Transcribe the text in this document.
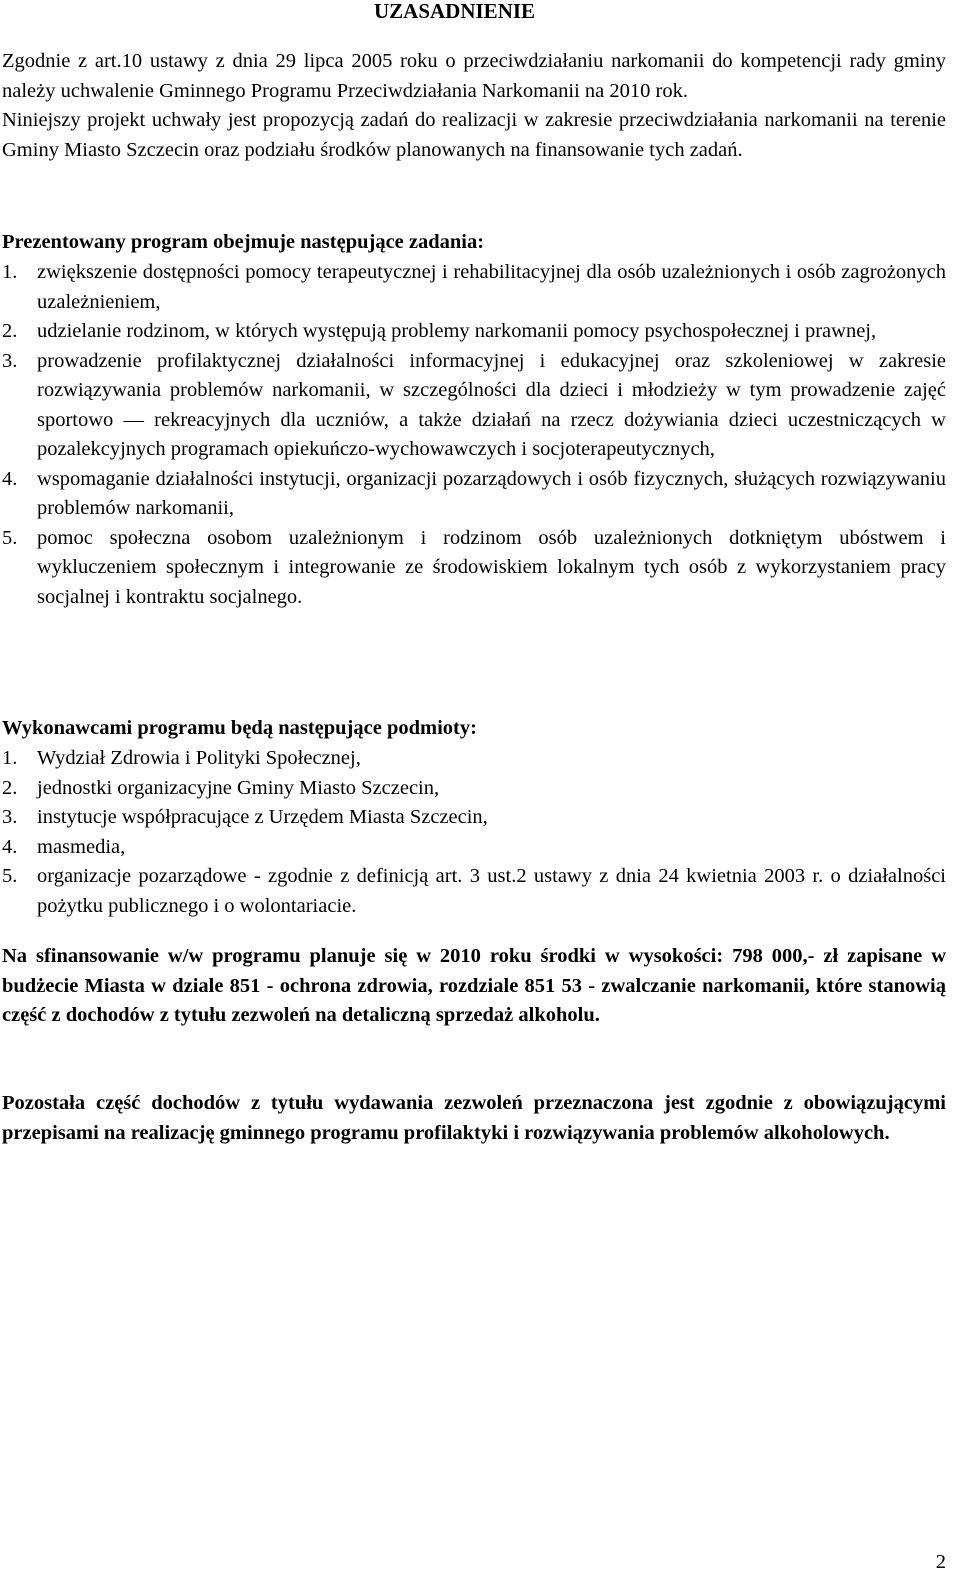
UZASADNIENIE

Zgodnie z art.10 ustawy z dnia 29 lipca 2005 roku o przeciwdziałaniu narkomanii do kompetencji rady gminy należy uchwalenie Gminnego Programu Przeciwdziałania Narkomanii na 2010 rok.

Niniejszy projekt uchwały jest propozycją zadań do realizacji w zakresie przeciwdziałania narkomanii na terenie Gminy Miasto Szczecin oraz podziału środków planowanych na finansowanie tych zadań.

Prezentowany program obejmuje następujące zadania:
1. zwiększenie dostępności pomocy terapeutycznej i rehabilitacyjnej dla osób uzależnionych i osób zagrożonych uzależnieniem,
2. udzielanie rodzinom, w których występują problemy narkomanii pomocy psychospołecznej i prawnej,
3. prowadzenie profilaktycznej działalności informacyjnej i edukacyjnej oraz szkoleniowej w zakresie rozwiązywania problemów narkomanii, w szczególności dla dzieci i młodzieży w tym prowadzenie zajęć sportowo — rekreacyjnych dla uczniów, a także działań na rzecz dożywiania dzieci uczestniczących w pozalekcyjnych programach opiekuńczo-wychowawczych i socjoterapeutycznych,
4. wspomaganie działalności instytucji, organizacji pozarządowych i osób fizycznych, służących rozwiązywaniu problemów narkomanii,
5. pomoc społeczna osobom uzależnionym i rodzinom osób uzależnionych dotkniętym ubóstwem i wykluczeniem społecznym i integrowanie ze środowiskiem lokalnym tych osób z wykorzystaniem pracy socjalnej i kontraktu socjalnego.
Wykonawcami programu będą następujące podmioty:
1. Wydział Zdrowia i Polityki Społecznej,
2. jednostki organizacyjne Gminy Miasto Szczecin,
3. instytucje współpracujące z Urzędem Miasta Szczecin,
4. masmedia,
5. organizacje pozarządowe - zgodnie z definicją art. 3 ust.2 ustawy z dnia 24 kwietnia 2003 r. o działalności pożytku publicznego i o wolontariacie.

Na sfinansowanie w/w programu planuje się w 2010 roku środki w wysokości: 798 000,- zł zapisane w budżecie Miasta w dziale 851 - ochrona zdrowia, rozdziale 851 53 - zwalczanie narkomanii, które stanowią część z dochodów z tytułu zezwoleń na detaliczną sprzedaż alkoholu.

Pozostała część dochodów z tytułu wydawania zezwoleń przeznaczona jest zgodnie z obowiązującymi przepisami na realizację gminnego programu profilaktyki i rozwiązywania problemów alkoholowych.

2
